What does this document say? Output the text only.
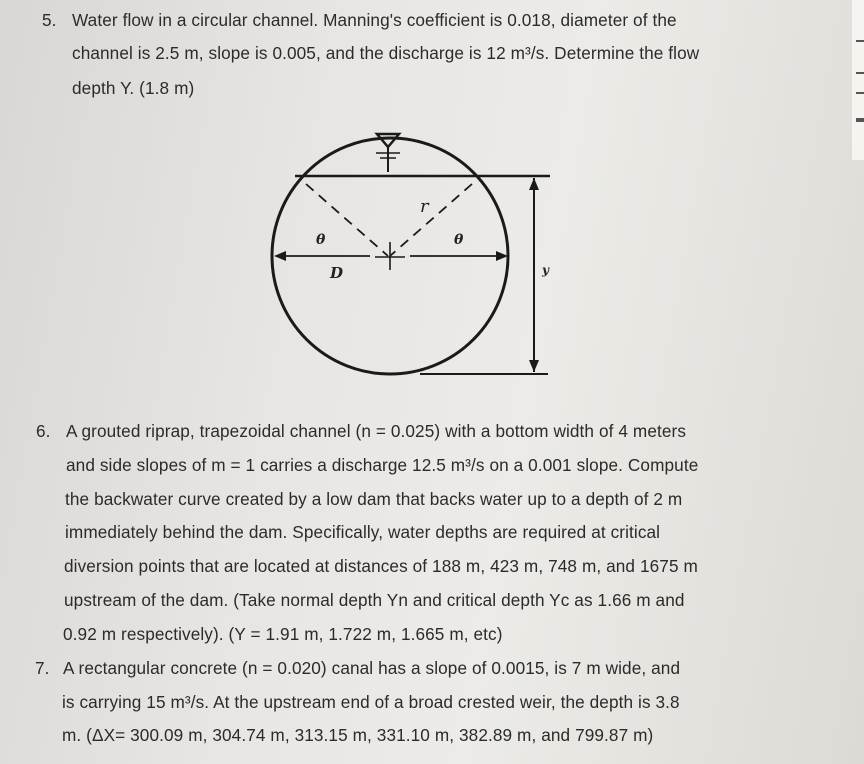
5. Water flow in a circular channel. Manning's coefficient is 0.018, diameter of the
channel is 2.5 m, slope is 0.005, and the discharge is 12 m³/s. Determine the flow
depth Y. (1.8 m)
θ	θ
D
r
y
6. A grouted riprap, trapezoidal channel (n = 0.025) with a bottom width of 4 meters
and side slopes of m = 1 carries a discharge 12.5 m³/s on a 0.001 slope. Compute
the backwater curve created by a low dam that backs water up to a depth of 2 m
immediately behind the dam. Specifically, water depths are required at critical
diversion points that are located at distances of 188 m, 423 m, 748 m, and 1675 m
upstream of the dam. (Take normal depth Yn and critical depth Yc as 1.66 m and
0.92 m respectively). (Y = 1.91 m, 1.722 m, 1.665 m, etc)
7. A rectangular concrete (n = 0.020) canal has a slope of 0.0015, is 7 m wide, and
is carrying 15 m³/s. At the upstream end of a broad crested weir, the depth is 3.8
m. (ΔX= 300.09 m, 304.74 m, 313.15 m, 331.10 m, 382.89 m, and 799.87 m)
